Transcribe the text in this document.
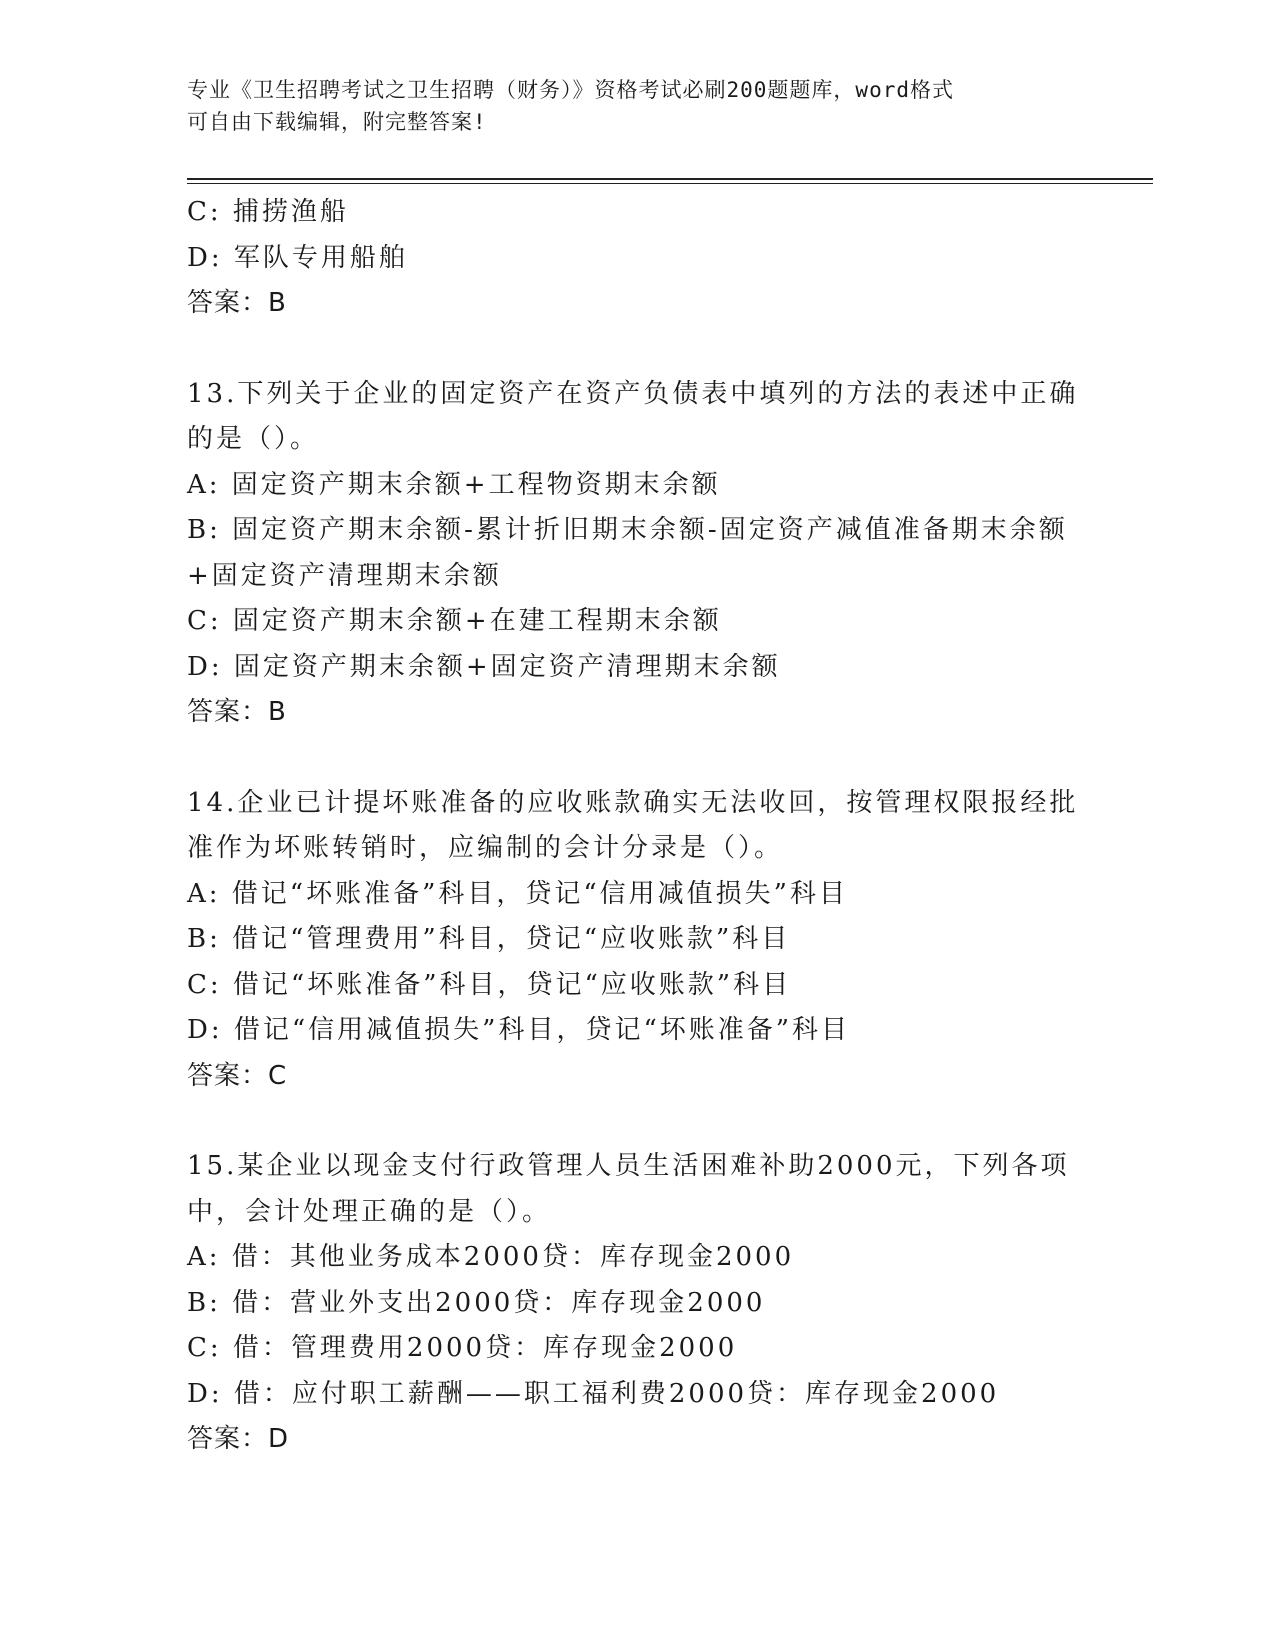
专业《卫生招聘考试之卫生招聘（财务）》资格考试必刷200题题库，word格式
可自由下载编辑，附完整答案!
C: 捕捞渔船
D: 军队专用船舶
答案：B
13.下列关于企业的固定资产在资产负债表中填列的方法的表述中正确
的是（）。
A: 固定资产期末余额+工程物资期末余额
B: 固定资产期末余额-累计折旧期末余额-固定资产减值准备期末余额
+固定资产清理期末余额
C: 固定资产期末余额+在建工程期末余额
D: 固定资产期末余额+固定资产清理期末余额
答案：B
14.企业已计提坏账准备的应收账款确实无法收回，按管理权限报经批
准作为坏账转销时，应编制的会计分录是（）。
A: 借记“坏账准备”科目，贷记“信用减值损失”科目
B: 借记“管理费用”科目，贷记“应收账款”科目
C: 借记“坏账准备”科目，贷记“应收账款”科目
D: 借记“信用减值损失”科目，贷记“坏账准备”科目
答案：C
15.某企业以现金支付行政管理人员生活困难补助2000元，下列各项
中，会计处理正确的是（）。
A: 借：其他业务成本2000贷：库存现金2000
B: 借：营业外支出2000贷：库存现金2000
C: 借：管理费用2000贷：库存现金2000
D: 借：应付职工薪酬——职工福利费2000贷：库存现金2000
答案：D
